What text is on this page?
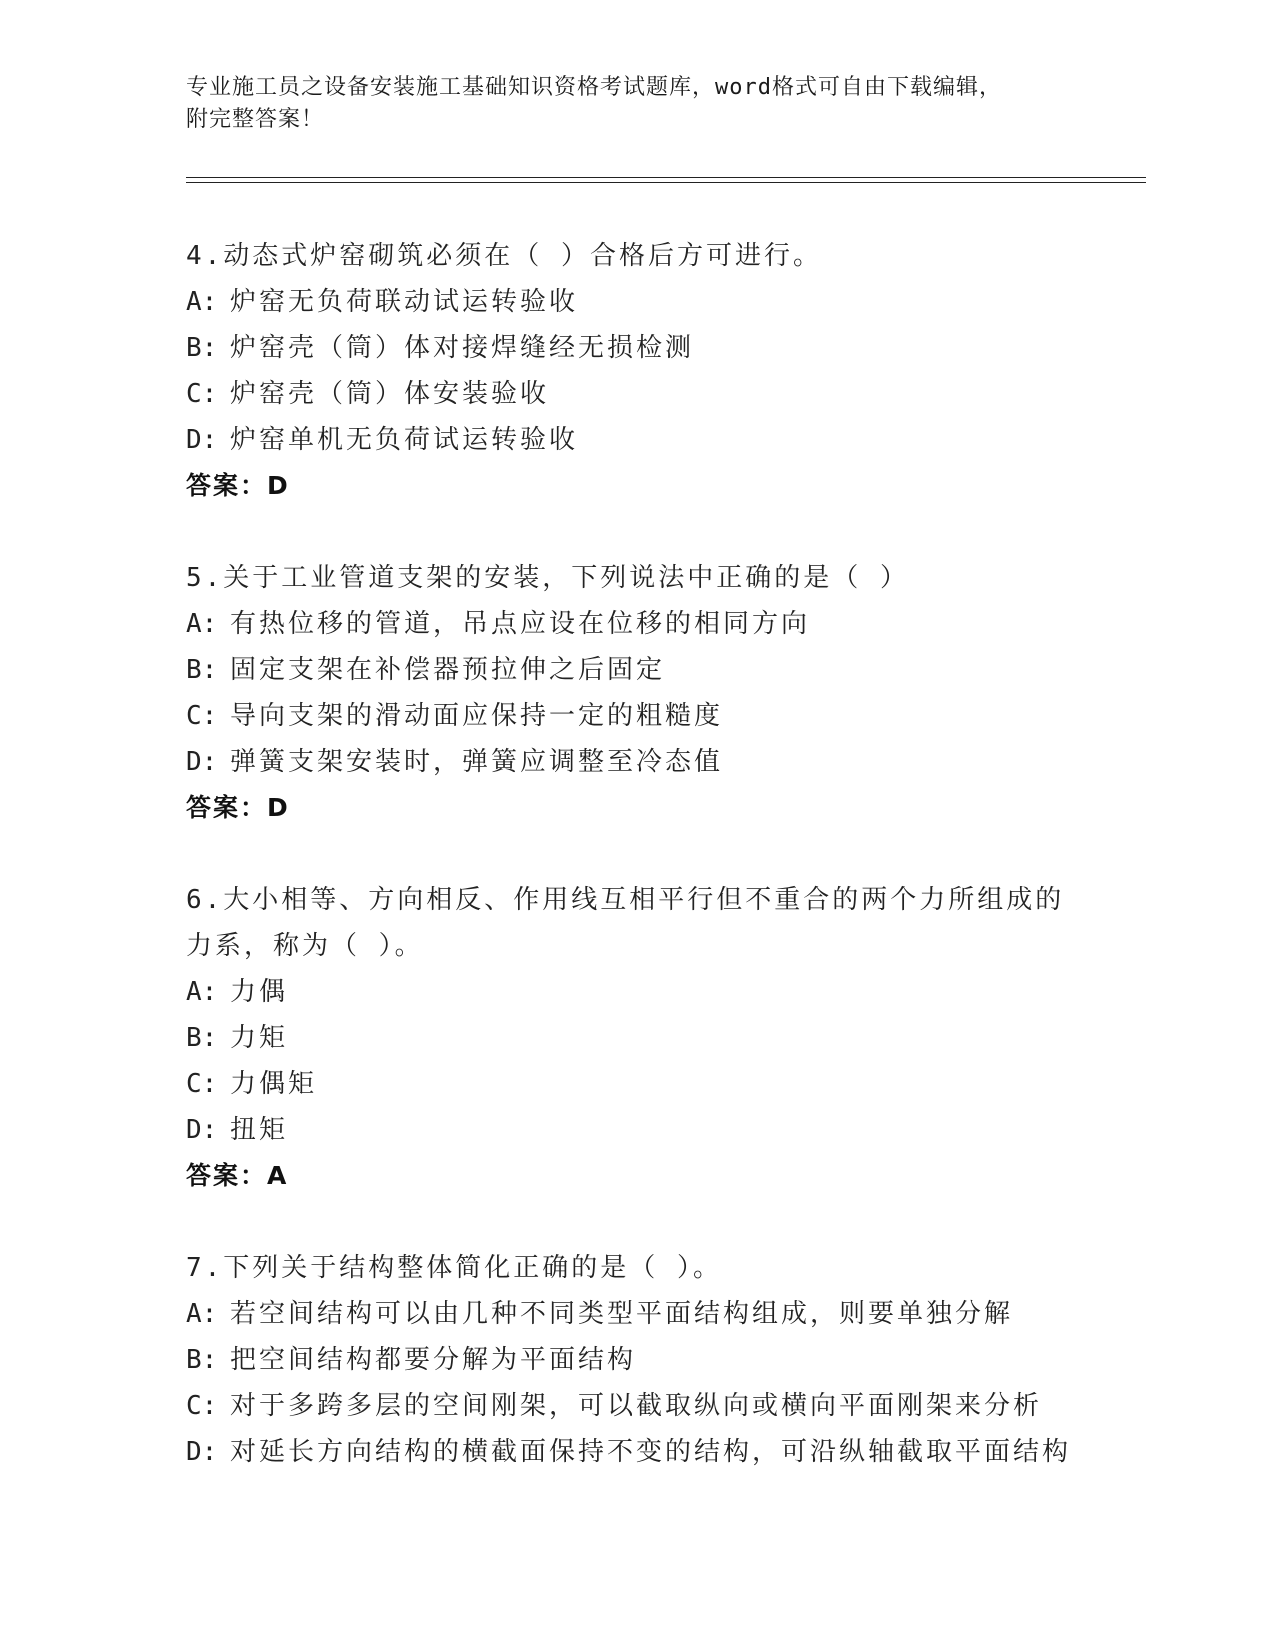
专业施工员之设备安装施工基础知识资格考试题库，word格式可自由下载编辑，
附完整答案！
4.动态式炉窑砌筑必须在（ ）合格后方可进行。
A: 炉窑无负荷联动试运转验收
B: 炉窑壳（筒）体对接焊缝经无损检测
C: 炉窑壳（筒）体安装验收
D: 炉窑单机无负荷试运转验收
答案：D
5.关于工业管道支架的安装，下列说法中正确的是（ ）
A: 有热位移的管道，吊点应设在位移的相同方向
B: 固定支架在补偿器预拉伸之后固定
C: 导向支架的滑动面应保持一定的粗糙度
D: 弹簧支架安装时，弹簧应调整至冷态值
答案：D
6.大小相等、方向相反、作用线互相平行但不重合的两个力所组成的
力系，称为（ ）。
A: 力偶
B: 力矩
C: 力偶矩
D: 扭矩
答案：A
7.下列关于结构整体简化正确的是（ ）。
A: 若空间结构可以由几种不同类型平面结构组成，则要单独分解
B: 把空间结构都要分解为平面结构
C: 对于多跨多层的空间刚架，可以截取纵向或横向平面刚架来分析
D: 对延长方向结构的横截面保持不变的结构，可沿纵轴截取平面结构
